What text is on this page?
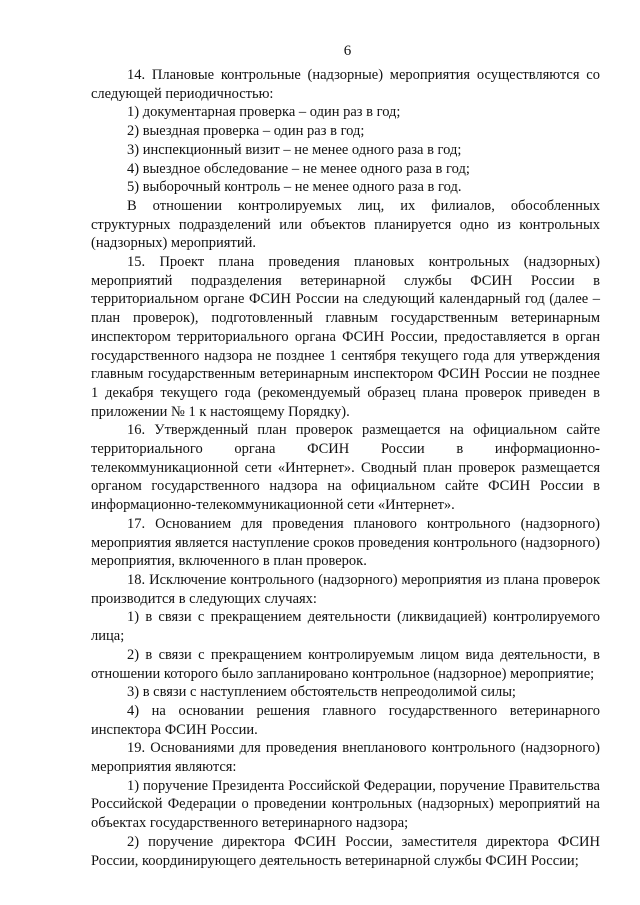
6

14. Плановые контрольные (надзорные) мероприятия осуществляются со следующей периодичностью:

1) документарная проверка – один раз в год;

2) выездная проверка – один раз в год;

3) инспекционный визит – не менее одного раза в год;

4) выездное обследование – не менее одного раза в год;

5) выборочный контроль – не менее одного раза в год.

В отношении контролируемых лиц, их филиалов, обособленных структурных подразделений или объектов планируется одно из контрольных (надзорных) мероприятий.

15. Проект плана проведения плановых контрольных (надзорных) мероприятий подразделения ветеринарной службы ФСИН России в территориальном органе ФСИН России на следующий календарный год (далее – план проверок), подготовленный главным государственным ветеринарным инспектором территориального органа ФСИН России, предоставляется в орган государственного надзора не позднее 1 сентября текущего года для утверждения главным государственным ветеринарным инспектором ФСИН России не позднее 1 декабря текущего года (рекомендуемый образец плана проверок приведен в приложении № 1 к настоящему Порядку).

16. Утвержденный план проверок размещается на официальном сайте территориального органа ФСИН России в информационно-телекоммуникационной сети «Интернет». Сводный план проверок размещается органом государственного надзора на официальном сайте ФСИН России в информационно-телекоммуникационной сети «Интернет».

17. Основанием для проведения планового контрольного (надзорного) мероприятия является наступление сроков проведения контрольного (надзорного) мероприятия, включенного в план проверок.

18. Исключение контрольного (надзорного) мероприятия из плана проверок производится в следующих случаях:

1) в связи с прекращением деятельности (ликвидацией) контролируемого лица;

2) в связи с прекращением контролируемым лицом вида деятельности, в отношении которого было запланировано контрольное (надзорное) мероприятие;

3) в связи с наступлением обстоятельств непреодолимой силы;

4) на основании решения главного государственного ветеринарного инспектора ФСИН России.

19. Основаниями для проведения внепланового контрольного (надзорного) мероприятия являются:

1) поручение Президента Российской Федерации, поручение Правительства Российской Федерации о проведении контрольных (надзорных) мероприятий на объектах государственного ветеринарного надзора;

2) поручение директора ФСИН России, заместителя директора ФСИН России, координирующего деятельность ветеринарной службы ФСИН России;
